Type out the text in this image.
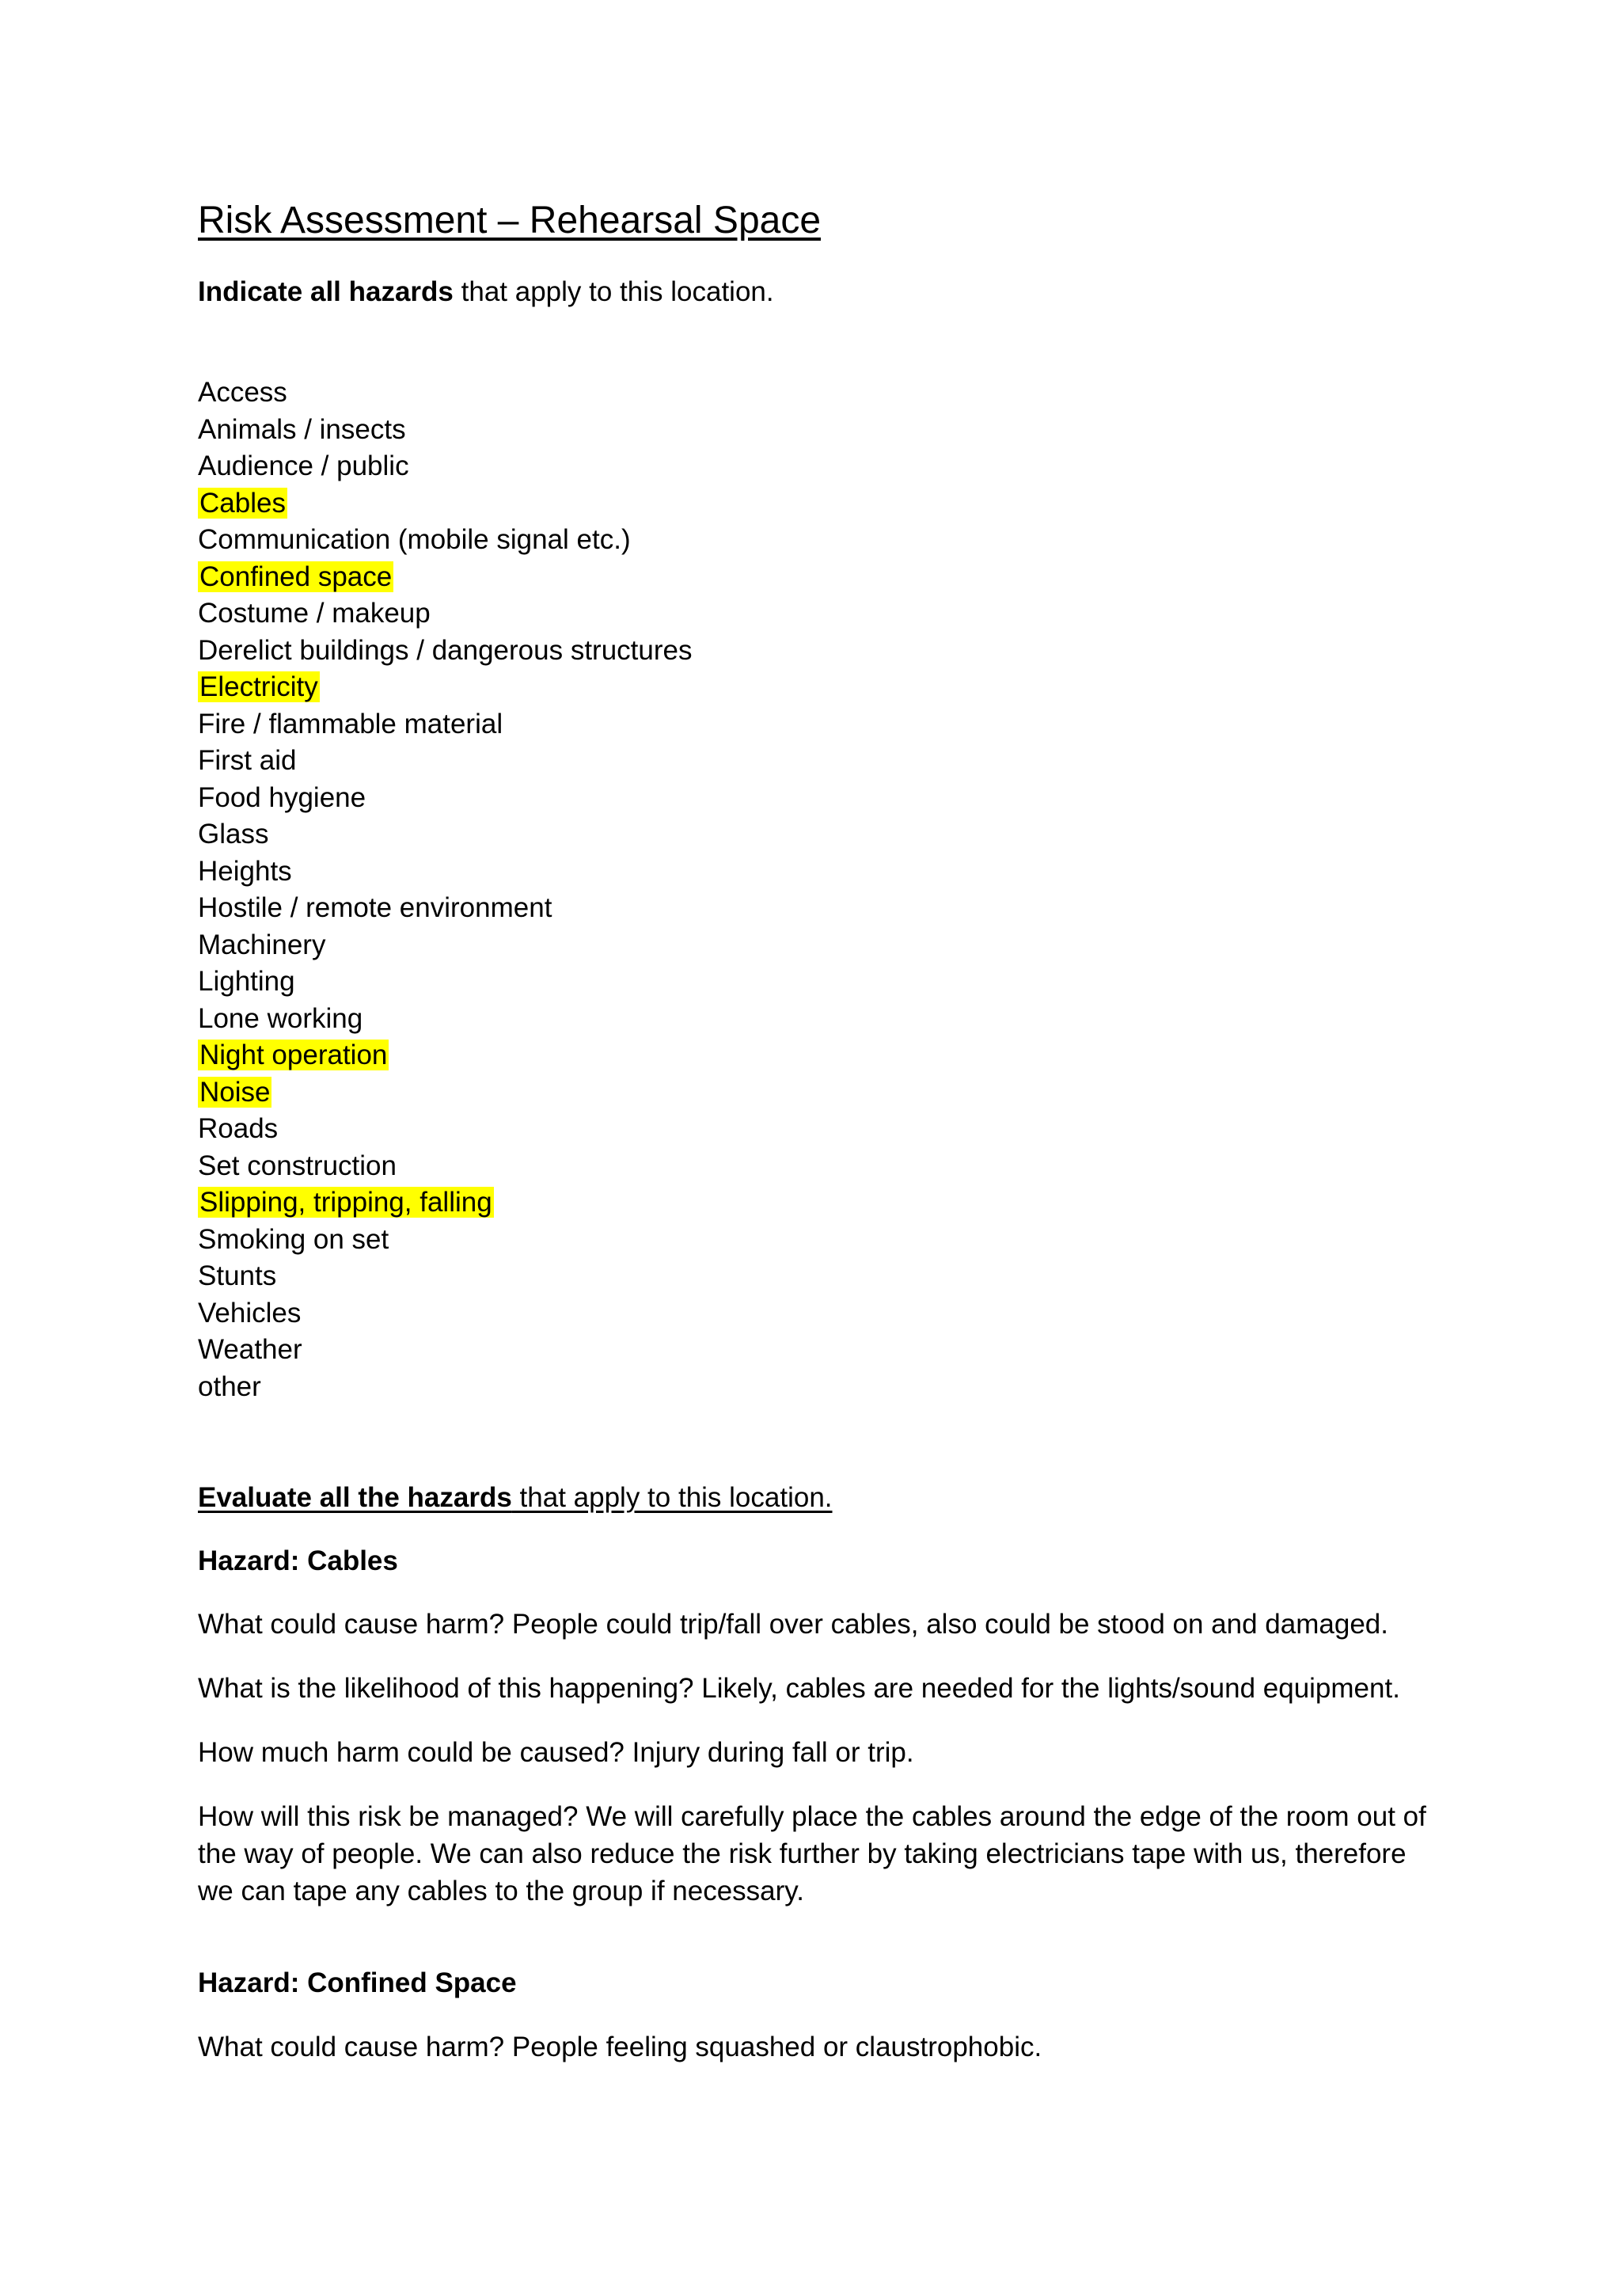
Risk Assessment – Rehearsal Space

Indicate all hazards that apply to this location.

Access
Animals / insects
Audience / public
Cables
Communication (mobile signal etc.)
Confined space
Costume / makeup
Derelict buildings / dangerous structures
Electricity
Fire / flammable material
First aid
Food hygiene
Glass
Heights
Hostile / remote environment
Machinery
Lighting
Lone working
Night operation
Noise
Roads
Set construction
Slipping, tripping, falling
Smoking on set
Stunts
Vehicles
Weather
other

Evaluate all the hazards that apply to this location.

Hazard: Cables

What could cause harm? People could trip/fall over cables, also could be stood on and damaged.

What is the likelihood of this happening? Likely, cables are needed for the lights/sound equipment.

How much harm could be caused? Injury during fall or trip.

How will this risk be managed? We will carefully place the cables around the edge of the room out of the way of people. We can also reduce the risk further by taking electricians tape with us, therefore we can tape any cables to the group if necessary.

Hazard: Confined Space

What could cause harm? People feeling squashed or claustrophobic.
